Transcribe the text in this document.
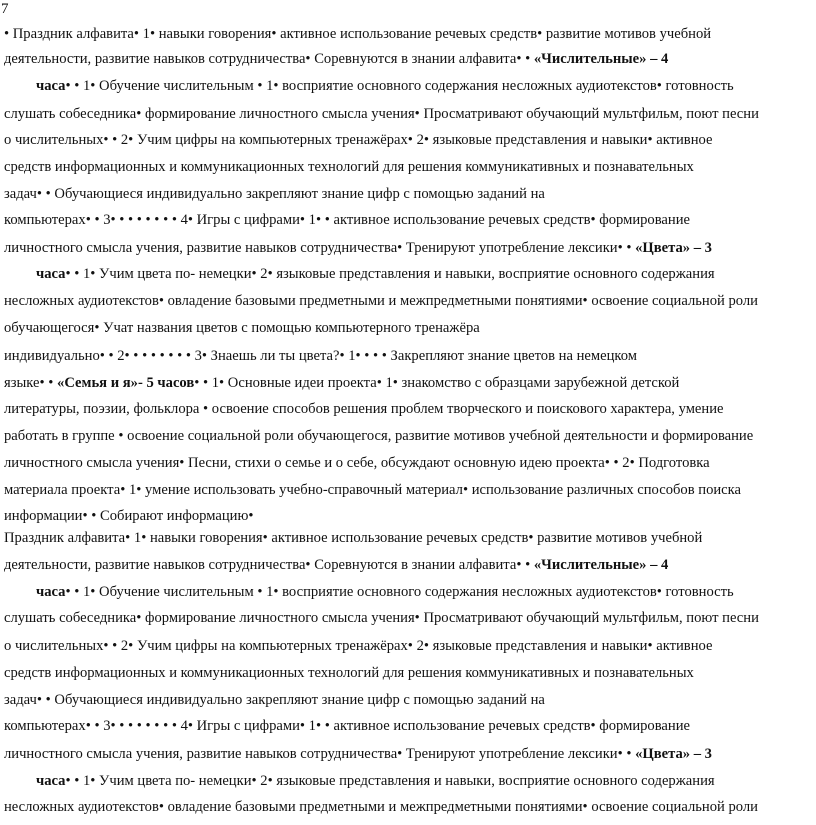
7
• Праздник алфавита• 1• навыки говорения• активное использование речевых средств• развитие мотивов учебной
деятельности, развитие навыков сотрудничества• Соревнуются в знании алфавита• • «Числительные» – 4
часа• • 1• Обучение числительным • 1• восприятие основного содержания несложных аудиотекстов• готовность
слушать собеседника• формирование личностного смысла учения• Просматривают обучающий мультфильм, поют песни
о числительных• • 2• Учим цифры на компьютерных тренажёрах• 2• языковые представления и навыки• активное
средств информационных и коммуникационных технологий для решения коммуникативных и познавательных
задач• • Обучающиеся индивидуально закрепляют знание цифр с помощью заданий на
компьютерах• • 3• • • • • • • • 4• Игры с цифрами• 1• • активное использование речевых средств• формирование
личностного смысла учения, развитие навыков сотрудничества• Тренируют употребление лексики• • «Цвета» – 3
часа• • 1• Учим цвета по- немецки• 2• языковые представления и навыки, восприятие основного содержания
несложных аудиотекстов• овладение базовыми предметными и межпредметными понятиями• освоение социальной роли
обучающегося• Учат названия цветов с помощью компьютерного тренажёра
индивидуально• • 2• • • • • • • • 3• Знаешь ли ты цвета?• 1• • • • Закрепляют знание цветов на немецком
языке• • «Семья и я»- 5 часов• • 1• Основные идеи проекта• 1• знакомство с образцами зарубежной детской
литературы, поэзии, фольклора • освоение способов решения проблем творческого и поискового характера, умение
работать в группе • освоение социальной роли обучающегося, развитие мотивов учебной деятельности и формирование
личностного смысла учения• Песни, стихи о семье и о себе, обсуждают основную идею проекта• • 2• Подготовка
материала проекта• 1• умение использовать учебно-справочный материал• использование различных способов поиска
информации• • Собирают информацию•
Праздник алфавита• 1• навыки говорения• активное использование речевых средств• развитие мотивов учебной
деятельности, развитие навыков сотрудничества• Соревнуются в знании алфавита• • «Числительные» – 4
часа• • 1• Обучение числительным • 1• восприятие основного содержания несложных аудиотекстов• готовность
слушать собеседника• формирование личностного смысла учения• Просматривают обучающий мультфильм, поют песни
о числительных• • 2• Учим цифры на компьютерных тренажёрах• 2• языковые представления и навыки• активное
средств информационных и коммуникационных технологий для решения коммуникативных и познавательных
задач• • Обучающиеся индивидуально закрепляют знание цифр с помощью заданий на
компьютерах• • 3• • • • • • • • 4• Игры с цифрами• 1• • активное использование речевых средств• формирование
личностного смысла учения, развитие навыков сотрудничества• Тренируют употребление лексики• • «Цвета» – 3
часа• • 1• Учим цвета по- немецки• 2• языковые представления и навыки, восприятие основного содержания
несложных аудиотекстов• овладение базовыми предметными и межпредметными понятиями• освоение социальной роли
